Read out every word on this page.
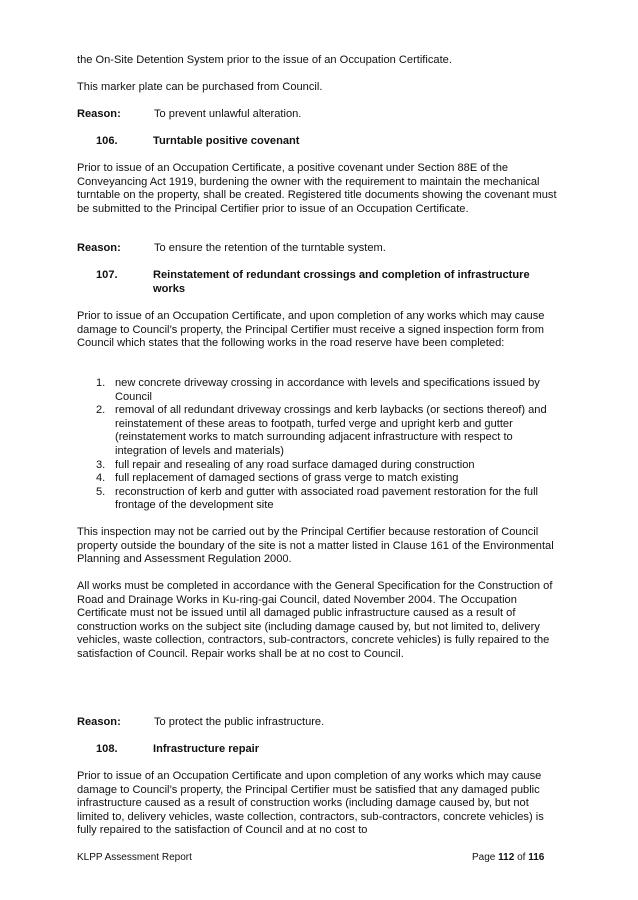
the On-Site Detention System prior to the issue of an Occupation Certificate.

This marker plate can be purchased from Council.

Reason:	To prevent unlawful alteration.
106.	Turntable positive covenant

Prior to issue of an Occupation Certificate, a positive covenant under Section 88E of the Conveyancing Act 1919, burdening the owner with the requirement to maintain the mechanical turntable on the property, shall be created. Registered title documents showing the covenant must be submitted to the Principal Certifier prior to issue of an Occupation Certificate.

Reason:	To ensure the retention of the turntable system.
107.	Reinstatement of redundant crossings and completion of infrastructure works

Prior to issue of an Occupation Certificate, and upon completion of any works which may cause damage to Council’s property, the Principal Certifier must receive a signed inspection form from Council which states that the following works in the road reserve have been completed:

1. new concrete driveway crossing in accordance with levels and specifications issued by Council
2. removal of all redundant driveway crossings and kerb laybacks (or sections thereof) and reinstatement of these areas to footpath, turfed verge and upright kerb and gutter (reinstatement works to match surrounding adjacent infrastructure with respect to integration of levels and materials)
3. full repair and resealing of any road surface damaged during construction
4. full replacement of damaged sections of grass verge to match existing
5. reconstruction of kerb and gutter with associated road pavement restoration for the full frontage of the development site

This inspection may not be carried out by the Principal Certifier because restoration of Council property outside the boundary of the site is not a matter listed in Clause 161 of the Environmental Planning and Assessment Regulation 2000.

All works must be completed in accordance with the General Specification for the Construction of Road and Drainage Works in Ku-ring-gai Council, dated November 2004. The Occupation Certificate must not be issued until all damaged public infrastructure caused as a result of construction works on the subject site (including damage caused by, but not limited to, delivery vehicles, waste collection, contractors, sub-contractors, concrete vehicles) is fully repaired to the satisfaction of Council. Repair works shall be at no cost to Council.

Reason:	To protect the public infrastructure.
108.	Infrastructure repair

Prior to issue of an Occupation Certificate and upon completion of any works which may cause damage to Council’s property, the Principal Certifier must be satisfied that any damaged public infrastructure caused as a result of construction works (including damage caused by, but not limited to, delivery vehicles, waste collection, contractors, sub-contractors, concrete vehicles) is fully repaired to the satisfaction of Council and at no cost to

KLPP Assessment Report	Page 112 of 116
